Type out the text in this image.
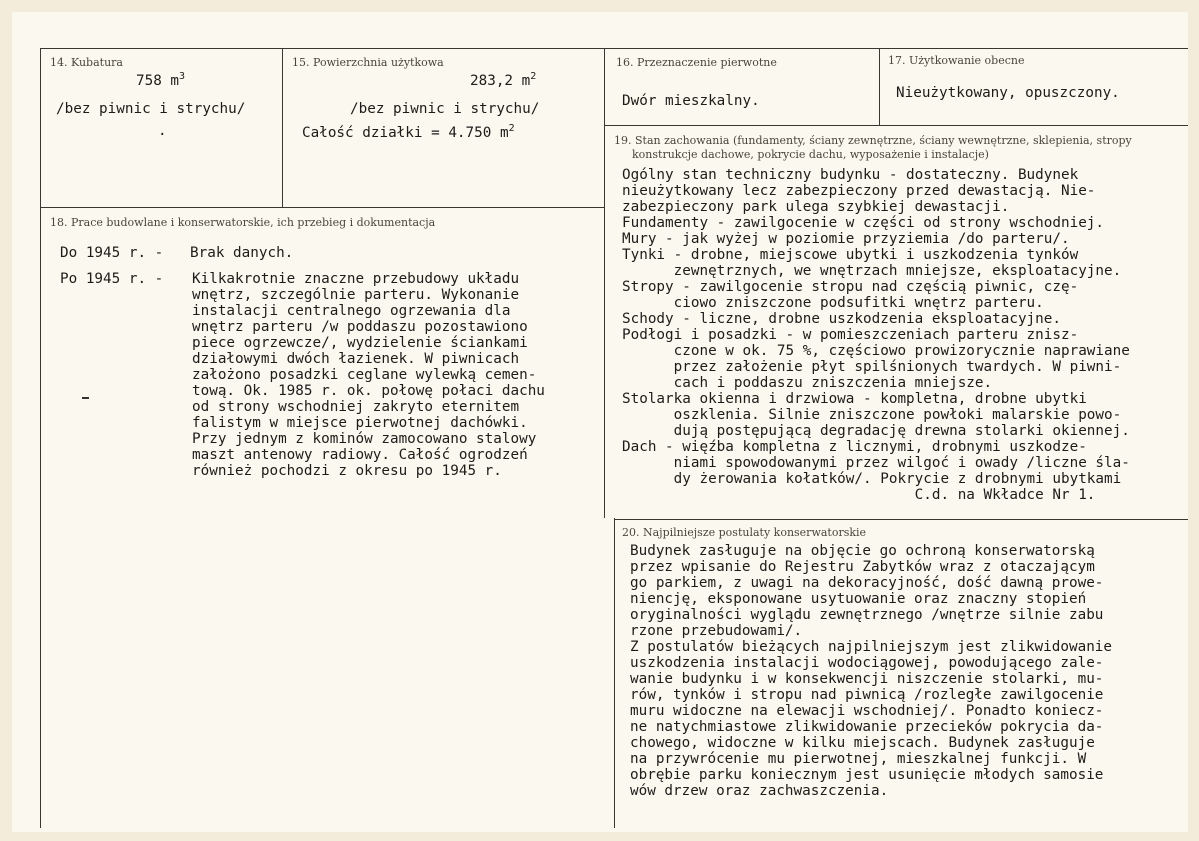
14. Kubatura
758 $m^3$
/bez piwnic i strychu/
.
15. Powierzchnia użytkowa
283,2 $m^2$
/bez piwnic i strychu/
Całość działki = 4.750 $m^2$
16. Przeznaczenie pierwotne
Dwór mieszkalny.
17. Użytkowanie obecne
Nieużytkowany, opuszczony.
18. Prace budowlane i konserwatorskie, ich przebieg i dokumentacja
Do 1945 r. - Brak danych.
Po 1945 r. - Kilkakrotnie znaczne przebudowy układu
wnętrz, szczególnie parteru. Wykonanie
instalacji centralnego ogrzewania dla
wnętrz parteru /w poddaszu pozostawiono
piece ogrzewcze/, wydzielenie ściankami
działowymi dwóch łazienek. W piwnicach
założono posadzki ceglane wylewką cemen-
tową. Ok. 1985 r. ok. połowę połaci dachu
od strony wschodniej zakryto eternitem
falistym w miejsce pierwotnej dachówki.
Przy jednym z kominów zamocowano stalowy
maszt antenowy radiowy. Całość ogrodzeń
również pochodzi z okresu po 1945 r.
19. Stan zachowania (fundamenty, ściany zewnętrzne, ściany wewnętrzne, sklepienia, stropy
konstrukcje dachowe, pokrycie dachu, wyposażenie i instalacje)
Ogólny stan techniczny budynku - dostateczny. Budynek
nieużytkowany lecz zabezpieczony przed dewastacją. Nie-
zabezpieczony park ulega szybkiej dewastacji.
Fundamenty - zawilgocenie w części od strony wschodniej.
Mury - jak wyżej w poziomie przyziemia /do parteru/.
Tynki - drobne, miejscowe ubytki i uszkodzenia tynków
zewnętrznych, we wnętrzach mniejsze, eksploatacyjne.
Stropy - zawilgocenie stropu nad częścią piwnic, czę-
ciowo zniszczone podsufitki wnętrz parteru.
Schody - liczne, drobne uszkodzenia eksploatacyjne.
Podłogi i posadzki - w pomieszczeniach parteru znisz-
czone w ok. 75 %, częściowo prowizorycznie naprawiane
przez założenie płyt spilśnionych twardych. W piwni-
cach i poddaszu zniszczenia mniejsze.
Stolarka okienna i drzwiowa - kompletna, drobne ubytki
oszklenia. Silnie zniszczone powłoki malarskie powo-
dują postępującą degradację drewna stolarki okiennej.
Dach - więźba kompletna z licznymi, drobnymi uszkodze-
niami spowodowanymi przez wilgoć i owady /liczne śla-
dy żerowania kołatków/. Pokrycie z drobnymi ubytkami
C.d. na Wkładce Nr 1.
20. Najpilniejsze postulaty konserwatorskie
Budynek zasługuje na objęcie go ochroną konserwatorską
przez wpisanie do Rejestru Zabytków wraz z otaczającym
go parkiem, z uwagi na dekoracyjność, dość dawną prowe-
niencję, eksponowane usytuowanie oraz znaczny stopień
oryginalności wyglądu zewnętrznego /wnętrze silnie zabu
rzone przebudowami/.
Z postulatów bieżących najpilniejszym jest zlikwidowanie
uszkodzenia instalacji wodociągowej, powodującego zale-
wanie budynku i w konsekwencji niszczenie stolarki, mu-
rów, tynków i stropu nad piwnicą /rozległe zawilgocenie
muru widoczne na elewacji wschodniej/. Ponadto koniecz-
ne natychmiastowe zlikwidowanie przecieków pokrycia da-
chowego, widoczne w kilku miejscach. Budynek zasługuje
na przywrócenie mu pierwotnej, mieszkalnej funkcji. W
obrębie parku koniecznym jest usunięcie młodych samosie
wów drzew oraz zachwaszczenia.
